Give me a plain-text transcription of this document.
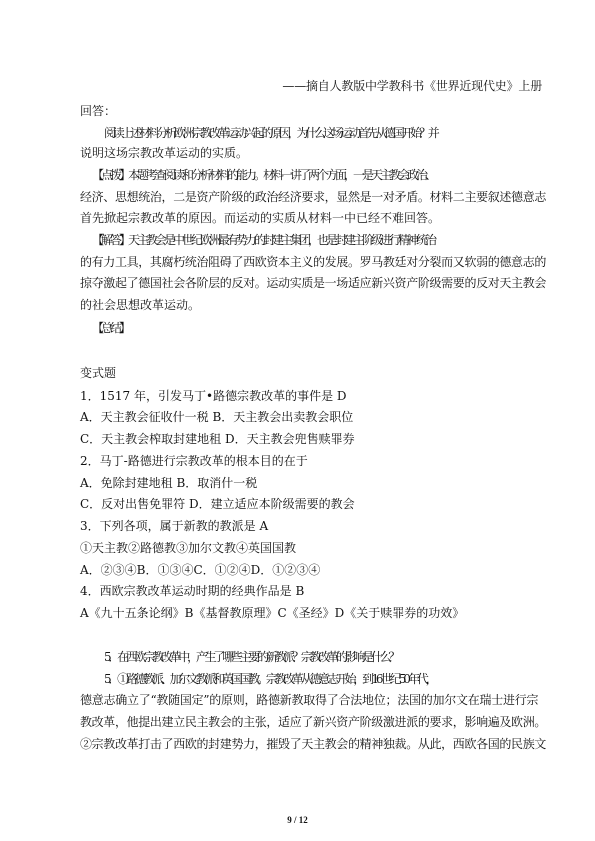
——摘自人教版中学教科书《世界近现代史》上册
回答：
阅读上述材料分析欧洲宗教改革运动兴起的原因，为什么这场运动首先从德国开始？并
说明这场宗教改革运动的实质。
【点拨】本题考查阅读和分析材料的能力。材料一讲了两个方面，一是天主教会政治、
经济、思想统治，二是资产阶级的政治经济要求，显然是一对矛盾。材料二主要叙述德意志
首先掀起宗教改革的原因。而运动的实质从材料一中已经不难回答。
【解答】天主教会是中世纪欧洲最有势力的封建主集团，也是封建主阶级进行精神统治
的有力工具，其腐朽统治阻碍了西欧资本主义的发展。罗马教廷对分裂而又软弱的德意志的
掠夺激起了德国社会各阶层的反对。运动实质是一场适应新兴资产阶级需要的反对天主教会
的社会思想改革运动。
【总结】
变式题
1．1517 年，引发马丁•路德宗教改革的事件是 D
A．天主教会征收什一税 B．天主教会出卖教会职位
C．天主教会榨取封建地租 D．天主教会兜售赎罪券
2．马丁-路德进行宗教改革的根本目的在于
A．免除封建地租 B．取消什一税
C．反对出售免罪符 D．建立适应本阶级需要的教会
3．下列各项，属于新教的教派是 A
①天主教②路德教③加尔文教④英国国教
A．②③④B．①③④C．①②④D．①②③④
4．西欧宗教改革运动时期的经典作品是 B
A《九十五条论纲》B《基督教原理》C《圣经》D《关于赎罪券的功效》
5．在西欧宗教改革中，产生了哪些主要的新教派？宗教改革的影响是什么？
5．①路德教派、加尔文教派和英国国教。宗教改革从德意志开始，到 16 世纪 50 年代，
德意志确立了“教随国定”的原则，路德新教取得了合法地位；法国的加尔文在瑞士进行宗
教改革，他提出建立民主教会的主张，适应了新兴资产阶级激进派的要求，影响遍及欧洲。
②宗教改革打击了西欧的封建势力，摧毁了天主教会的精神独裁。从此，西欧各国的民族文
9 / 12
